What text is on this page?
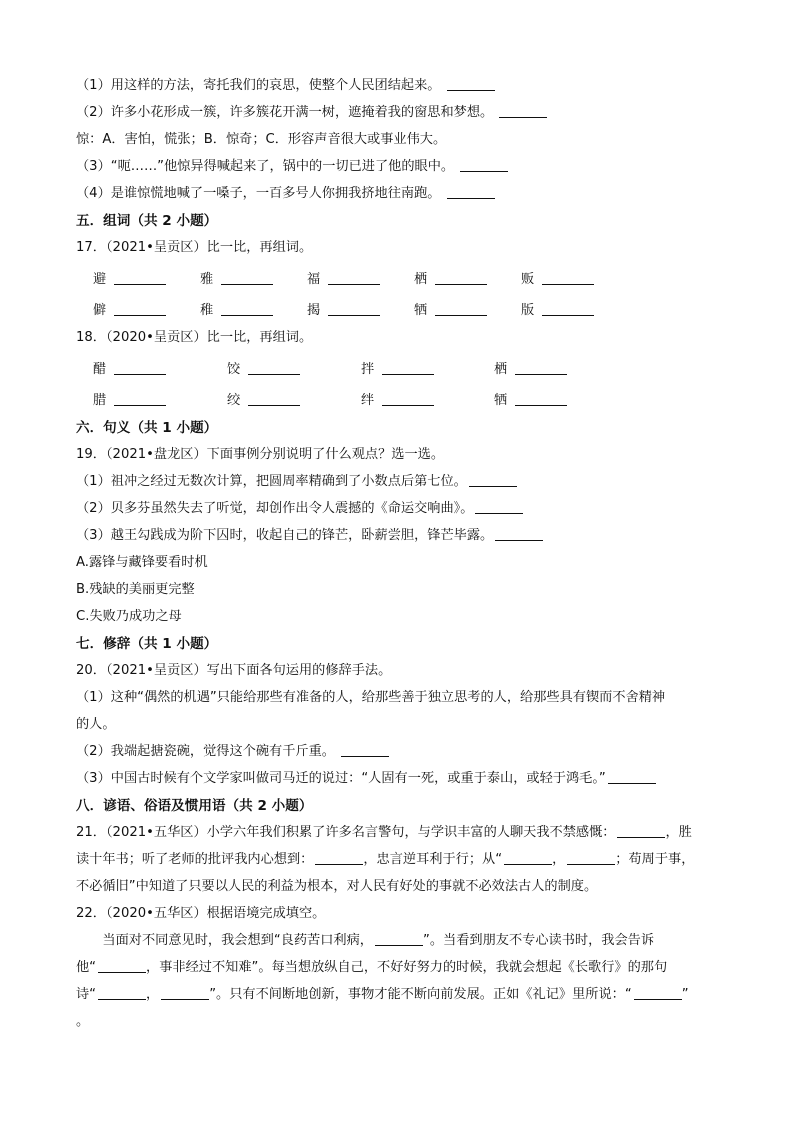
（1）用这样的方法，寄托我们的哀思，使整个人民团结起来。
（2）许多小花形成一簇，许多簇花开满一树，遮掩着我的窗思和梦想。
惊：A．害怕，慌张；B．惊奇；C．形容声音很大或事业伟大。
（3）“呃……”他惊异得喊起来了，锅中的一切已进了他的眼中。
（4）是谁惊慌地喊了一嗓子，一百多号人你拥我挤地往南跑。
五．组词（共 2 小题）
17．（2021•呈贡区）比一比，再组词。
避	雅	福	栖	贩
僻	稚	揭	牺	版
18．（2020•呈贡区）比一比，再组词。
醋	饺	拌	栖
腊	绞	绊	牺
六．句义（共 1 小题）
19．（2021•盘龙区）下面事例分别说明了什么观点？选一选。
（1）祖冲之经过无数次计算，把圆周率精确到了小数点后第七位。
（2）贝多芬虽然失去了听觉，却创作出令人震撼的《命运交响曲》。
（3）越王勾践成为阶下囚时，收起自己的锋芒，卧薪尝胆，锋芒毕露。
A.露锋与藏锋要看时机
B.残缺的美丽更完整
C.失败乃成功之母
七．修辞（共 1 小题）
20．（2021•呈贡区）写出下面各句运用的修辞手法。
（1）这种“偶然的机遇”只能给那些有准备的人，给那些善于独立思考的人，给那些具有锲而不舍精神
的人。
（2）我端起搪瓷碗，觉得这个碗有千斤重。
（3）中国古时候有个文学家叫做司马迁的说过：“人固有一死，或重于泰山，或轻于鸿毛。”
八．谚语、俗语及惯用语（共 2 小题）
21．（2021•五华区）小学六年我们积累了许多名言警句，与学识丰富的人聊天我不禁感慨：	，胜
读十年书；听了老师的批评我内心想到：	，忠言逆耳利于行；从“	，	；苟周于事，
不必循旧”中知道了只要以人民的利益为根本，对人民有好处的事就不必效法古人的制度。
22．（2020•五华区）根据语境完成填空。
当面对不同意见时，我会想到“良药苦口利病，	”。当看到朋友不专心读书时，我会告诉
他“	，事非经过不知难”。每当想放纵自己，不好好努力的时候，我就会想起《长歌行》的那句
诗“	，	”。只有不间断地创新，事物才能不断向前发展。正如《礼记》里所说：“	”
。
